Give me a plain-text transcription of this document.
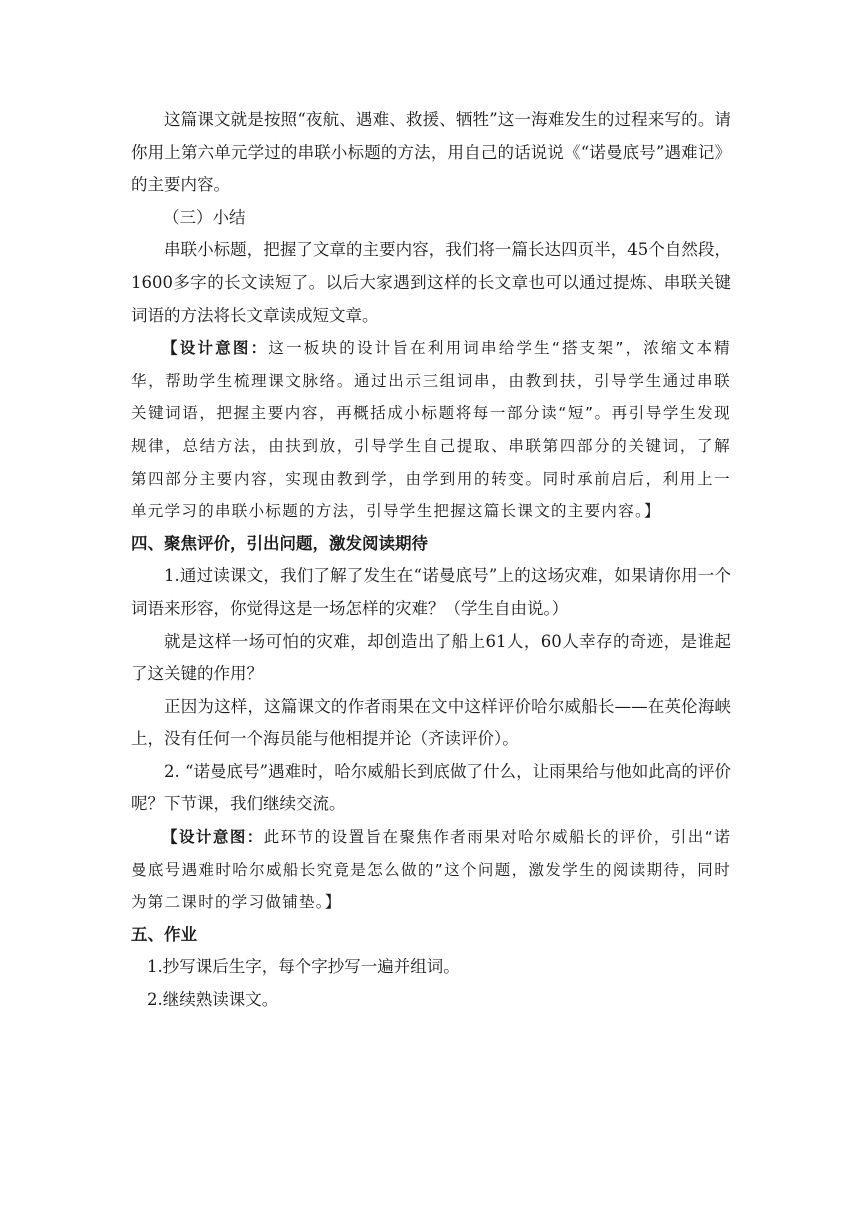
这篇课文就是按照“夜航、遇难、救援、牺牲”这一海难发生的过程来写的。请你用上第六单元学过的串联小标题的方法，用自己的话说说《“诺曼底号”遇难记》的主要内容。

（三）小结

串联小标题，把握了文章的主要内容，我们将一篇长达四页半，45个自然段，1600多字的长文读短了。以后大家遇到这样的长文章也可以通过提炼、串联关键词语的方法将长文章读成短文章。

【设计意图：这一板块的设计旨在利用词串给学生“搭支架”，浓缩文本精华，帮助学生梳理课文脉络。通过出示三组词串，由教到扶，引导学生通过串联关键词语，把握主要内容，再概括成小标题将每一部分读“短”。再引导学生发现规律，总结方法，由扶到放，引导学生自己提取、串联第四部分的关键词，了解第四部分主要内容，实现由教到学，由学到用的转变。同时承前启后，利用上一单元学习的串联小标题的方法，引导学生把握这篇长课文的主要内容。】

四、聚焦评价，引出问题，激发阅读期待

1.通过读课文，我们了解了发生在“诺曼底号”上的这场灾难，如果请你用一个词语来形容，你觉得这是一场怎样的灾难？（学生自由说。）

就是这样一场可怕的灾难，却创造出了船上61人，60人幸存的奇迹，是谁起了这关键的作用？

正因为这样，这篇课文的作者雨果在文中这样评价哈尔威船长——在英伦海峡上，没有任何一个海员能与他相提并论（齐读评价）。

2. “诺曼底号”遇难时，哈尔威船长到底做了什么，让雨果给与他如此高的评价呢？下节课，我们继续交流。

【设计意图：此环节的设置旨在聚焦作者雨果对哈尔威船长的评价，引出“诺曼底号遇难时哈尔威船长究竟是怎么做的”这个问题，激发学生的阅读期待，同时为第二课时的学习做铺垫。】

五、作业

1.抄写课后生字，每个字抄写一遍并组词。

2.继续熟读课文。
